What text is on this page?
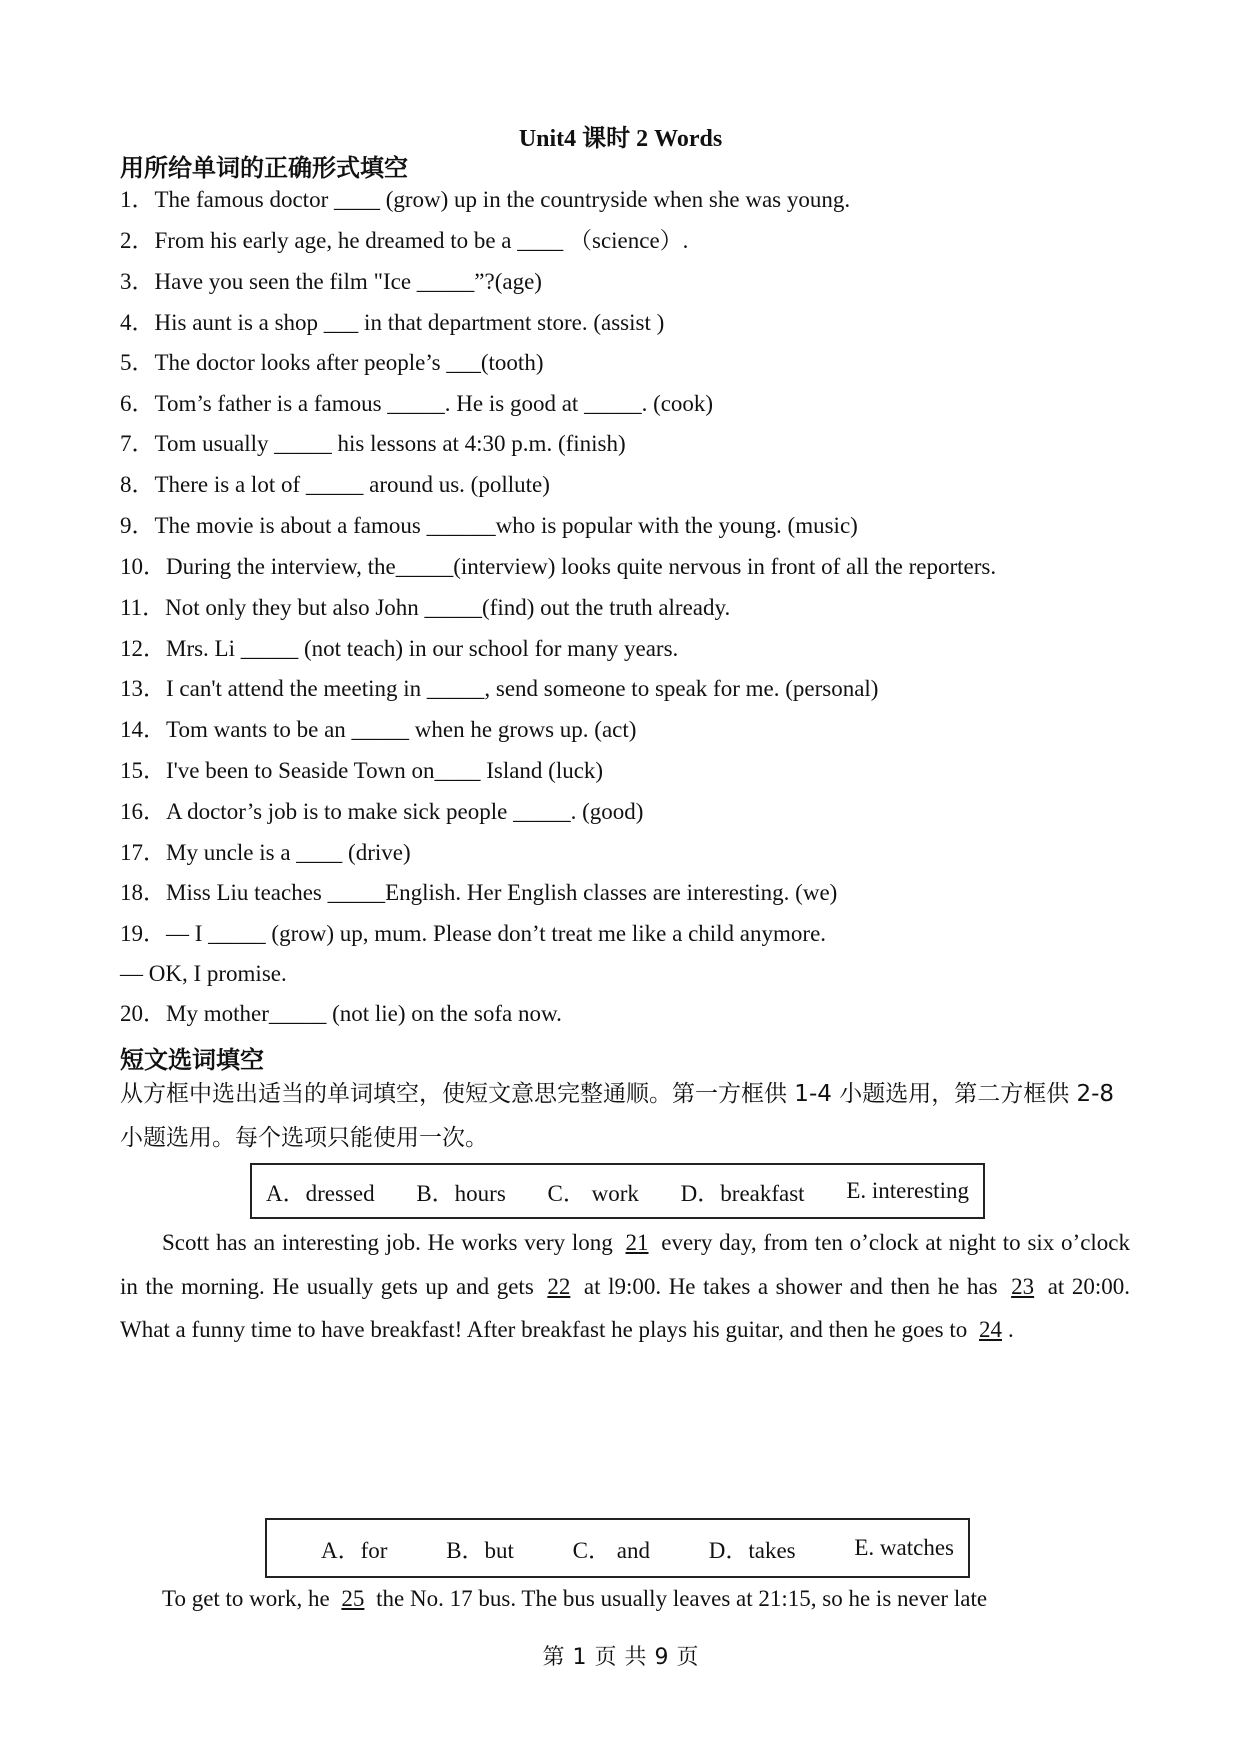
Unit4 课时 2 Words
用所给单词的正确形式填空
1．The famous doctor ____ (grow) up in the countryside when she was young.
2．From his early age, he dreamed to be a ____ （science）.
3．Have you seen the film "Ice _____”?(age)
4．His aunt is a shop ___ in that department store. (assist )
5．The doctor looks after people’s ___(tooth)
6．Tom’s father is a famous _____. He is good at _____. (cook)
7．Tom usually _____ his lessons at 4:30 p.m. (finish)
8．There is a lot of _____ around us. (pollute)
9．The movie is about a famous ______who is popular with the young. (music)
10．During the interview, the_____(interview) looks quite nervous in front of all the reporters.
11．Not only they but also John _____(find) out the truth already.
12．Mrs. Li _____ (not teach) in our school for many years.
13．I can't attend the meeting in _____, send someone to speak for me. (personal)
14．Tom wants to be an _____ when he grows up. (act)
15．I've been to Seaside Town on____ Island (luck)
16．A doctor’s job is to make sick people _____. (good)
17．My uncle is a ____ (drive)
18．Miss Liu teaches _____English. Her English classes are interesting. (we)
19．— I _____ (grow) up, mum. Please don’t treat me like a child anymore.
— OK, I promise.
20．My mother_____ (not lie) on the sofa now.
短文选词填空
从方框中选出适当的单词填空，使短文意思完整通顺。第一方框供 1-4 小题选用，第二方框供 2-8 小题选用。每个选项只能使用一次。
A．dressed B．hours C． work D．breakfast E. interesting
Scott has an interesting job. He works very long 21 every day, from ten o’clock at night to six o’clock in the morning. He usually gets up and gets 22 at l9:00. He takes a shower and then he has 23 at 20:00. What a funny time to have breakfast! After breakfast he plays his guitar, and then he goes to 24 .
A．for	B．but	C． and	D．takes	E. watches
To get to work, he 25 the No. 17 bus. The bus usually leaves at 21:15, so he is never late
第 1 页 共 9 页
